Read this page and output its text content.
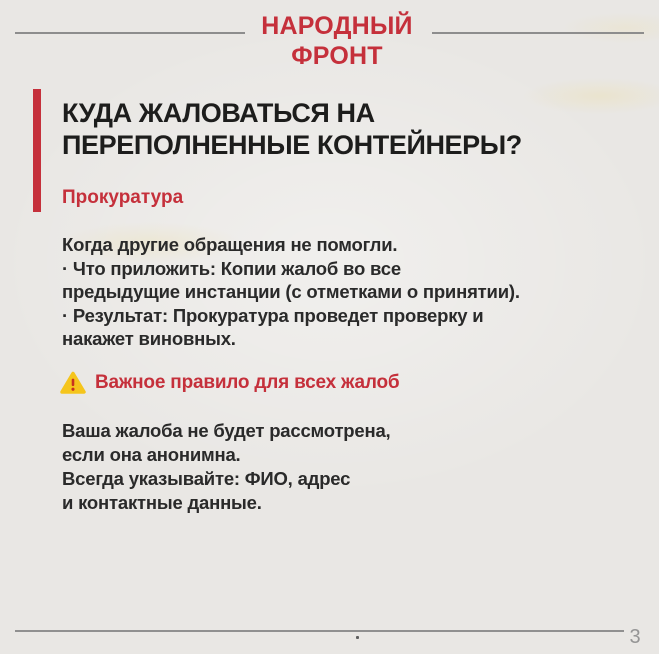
НАРОДНЫЙ
ФРОНТ
КУДА ЖАЛОВАТЬСЯ НА
ПЕРЕПОЛНЕННЫЕ КОНТЕЙНЕРЫ?
Прокуратура
Когда другие обращения не помогли.
· Что приложить: Копии жалоб во все
предыдущие инстанции (с отметками о принятии).
· Результат: Прокуратура проведет проверку и
накажет виновных.
Важное правило для всех жалоб
Ваша жалоба не будет рассмотрена,
если она анонимна.
Всегда указывайте: ФИО, адрес
и контактные данные.
3
